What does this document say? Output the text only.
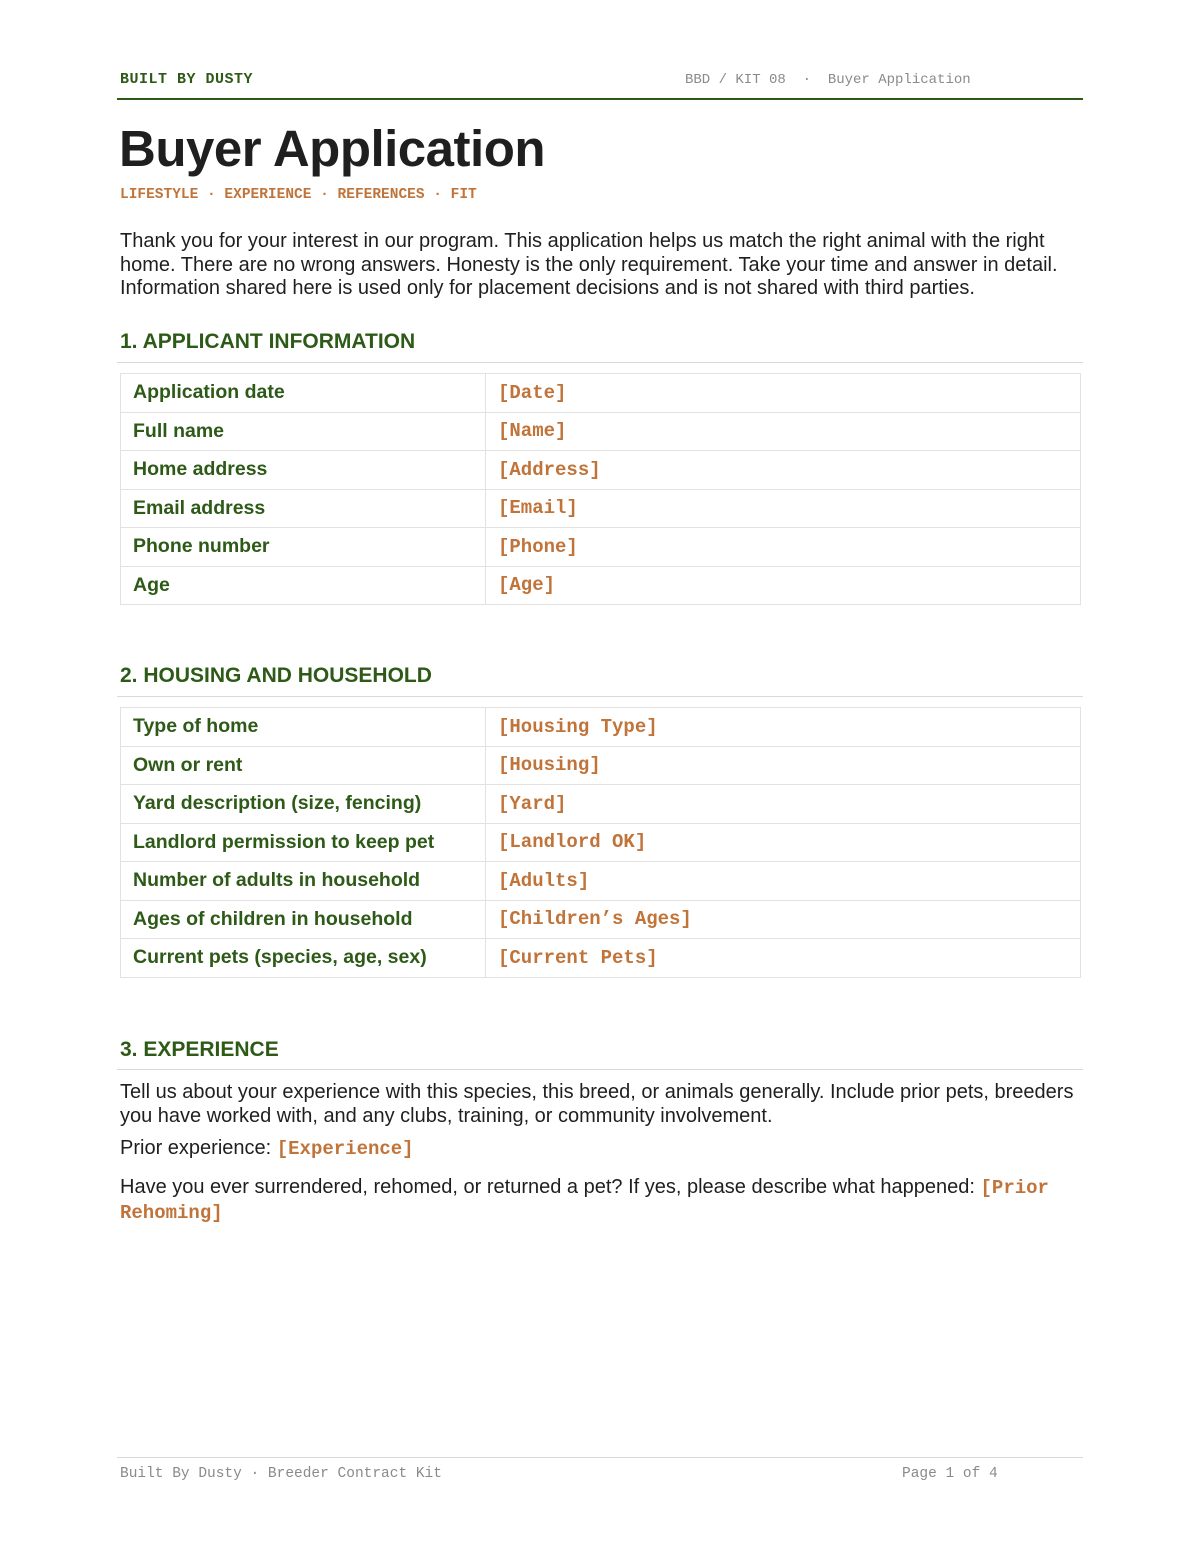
BUILT BY DUSTY	BBD / KIT 08  ·  Buyer Application
Buyer Application
LIFESTYLE · EXPERIENCE · REFERENCES · FIT

Thank you for your interest in our program. This application helps us match the right animal with the right home. There are no wrong answers. Honesty is the only requirement. Take your time and answer in detail. Information shared here is used only for placement decisions and is not shared with third parties.

1. APPLICANT INFORMATION
Application date	[Date]
Full name	[Name]
Home address	[Address]
Email address	[Email]
Phone number	[Phone]
Age	[Age]
2. HOUSING AND HOUSEHOLD
Type of home	[Housing Type]
Own or rent	[Housing]
Yard description (size, fencing)	[Yard]
Landlord permission to keep pet	[Landlord OK]
Number of adults in household	[Adults]
Ages of children in household	[Children’s Ages]
Current pets (species, age, sex)	[Current Pets]
3. EXPERIENCE

Tell us about your experience with this species, this breed, or animals generally. Include prior pets, breeders you have worked with, and any clubs, training, or community involvement.

Prior experience: [Experience]

Have you ever surrendered, rehomed, or returned a pet? If yes, please describe what happened: [Prior Rehoming]

Built By Dusty · Breeder Contract Kit	Page 1 of 4
